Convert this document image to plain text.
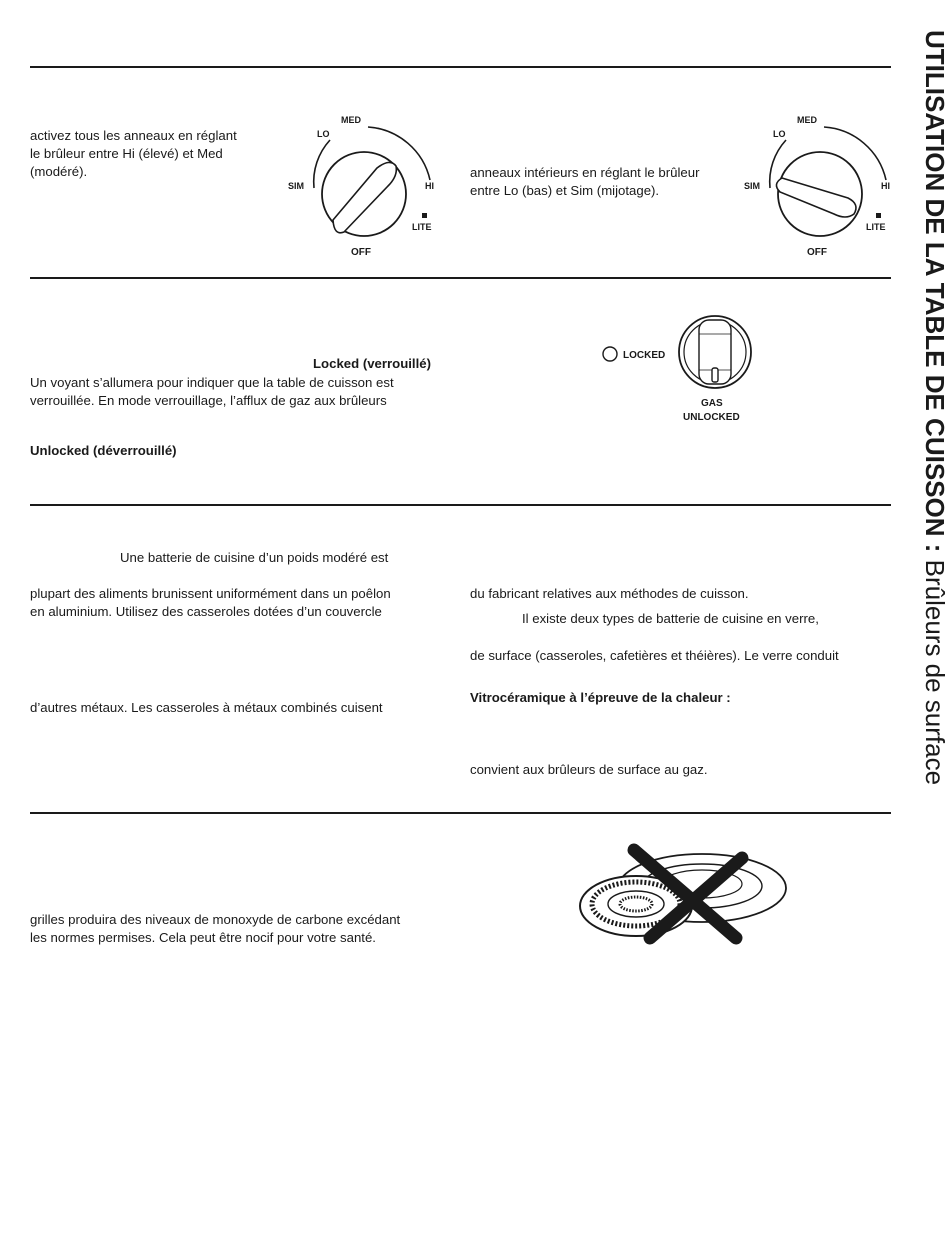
UTILISATION DE LA TABLE DE CUISSON : Brûleurs de surface
activez tous les anneaux en réglant
le brûleur entre Hi (élevé) et Med
(modéré).	anneaux intérieurs en réglant le brûleur
entre Lo (bas) et Sim (mijotage).
MED
LO
SIM	HI
LITE
OFF
MED
LO
SIM	HI
LITE
OFF
Locked (verrouillé)
Un voyant s’allumera pour indiquer que la table de cuisson est
verrouillée. En mode verrouillage, l’afflux de gaz aux brûleurs
Unlocked (déverrouillé)
LOCKED
GAS
UNLOCKED
Une batterie de cuisine d’un poids modéré est
plupart des aliments brunissent uniformément dans un poêlon
en aluminium. Utilisez des casseroles dotées d’un couvercle
d’autres métaux. Les casseroles à métaux combinés cuisent
du fabricant relatives aux méthodes de cuisson.
Il existe deux types de batterie de cuisine en verre,
de surface (casseroles, cafetières et théières). Le verre conduit
Vitrocéramique à l’épreuve de la chaleur :
convient aux brûleurs de surface au gaz.
grilles produira des niveaux de monoxyde de carbone excédant
les normes permises. Cela peut être nocif pour votre santé.
